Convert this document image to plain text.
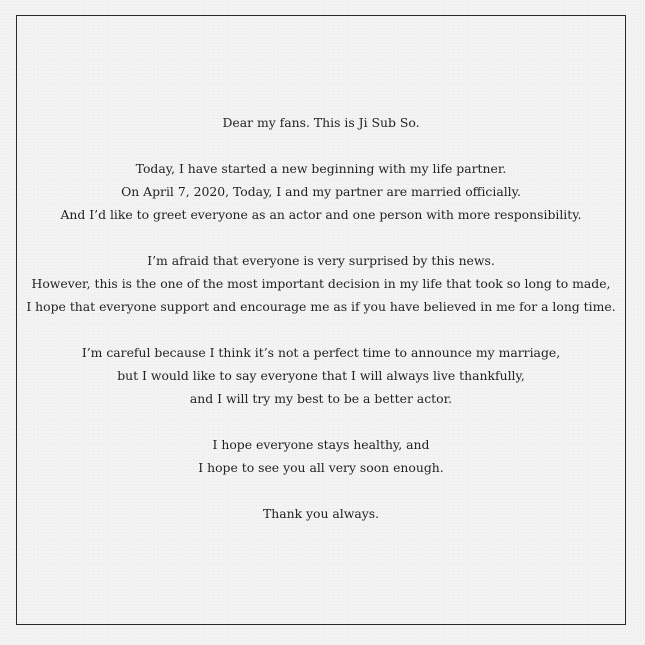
Dear my fans. This is Ji Sub So.
Today, I have started a new beginning with my life partner.
On April 7, 2020, Today, I and my partner are married officially.
And I’d like to greet everyone as an actor and one person with more responsibility.
I’m afraid that everyone is very surprised by this news.
However, this is the one of the most important decision in my life that took so long to made,
I hope that everyone support and encourage me as if you have believed in me for a long time.
I’m careful because I think it’s not a perfect time to announce my marriage,
but I would like to say everyone that I will always live thankfully,
and I will try my best to be a better actor.
I hope everyone stays healthy, and
I hope to see you all very soon enough.
Thank you always.
